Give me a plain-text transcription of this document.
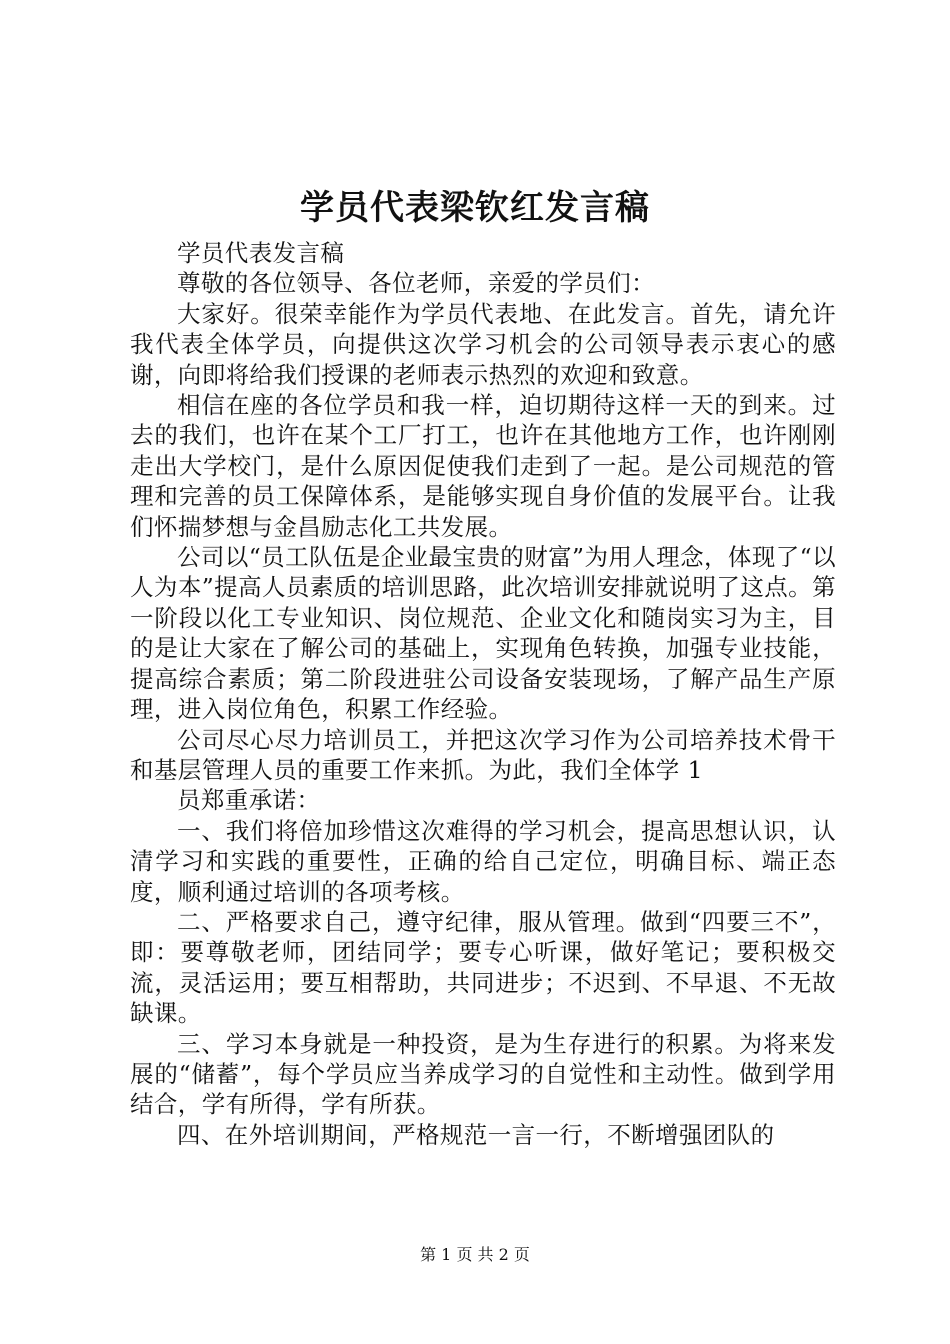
学员代表梁钦红发言稿

学员代表发言稿

尊敬的各位领导、各位老师，亲爱的学员们：

大家好。很荣幸能作为学员代表地、在此发言。首先，请允许我代表全体学员，向提供这次学习机会的公司领导表示衷心的感谢，向即将给我们授课的老师表示热烈的欢迎和致意。

相信在座的各位学员和我一样，迫切期待这样一天的到来。过去的我们，也许在某个工厂打工，也许在其他地方工作，也许刚刚走出大学校门，是什么原因促使我们走到了一起。是公司规范的管理和完善的员工保障体系，是能够实现自身价值的发展平台。让我们怀揣梦想与金昌励志化工共发展。

公司以“员工队伍是企业最宝贵的财富”为用人理念，体现了“以人为本”提高人员素质的培训思路，此次培训安排就说明了这点。第一阶段以化工专业知识、岗位规范、企业文化和随岗实习为主，目的是让大家在了解公司的基础上，实现角色转换，加强专业技能，提高综合素质；第二阶段进驻公司设备安装现场，了解产品生产原理，进入岗位角色，积累工作经验。

公司尽心尽力培训员工，并把这次学习作为公司培养技术骨干和基层管理人员的重要工作来抓。为此，我们全体学 1

员郑重承诺：

一、我们将倍加珍惜这次难得的学习机会，提高思想认识，认清学习和实践的重要性，正确的给自己定位，明确目标、端正态度，顺利通过培训的各项考核。

二、严格要求自己，遵守纪律，服从管理。做到“四要三不”，即：要尊敬老师，团结同学；要专心听课，做好笔记；要积极交流，灵活运用；要互相帮助，共同进步；不迟到、不早退、不无故缺课。

三、学习本身就是一种投资，是为生存进行的积累。为将来发展的“储蓄”，每个学员应当养成学习的自觉性和主动性。做到学用结合，学有所得，学有所获。

四、在外培训期间，严格规范一言一行，不断增强团队的

第 1 页 共 2 页
